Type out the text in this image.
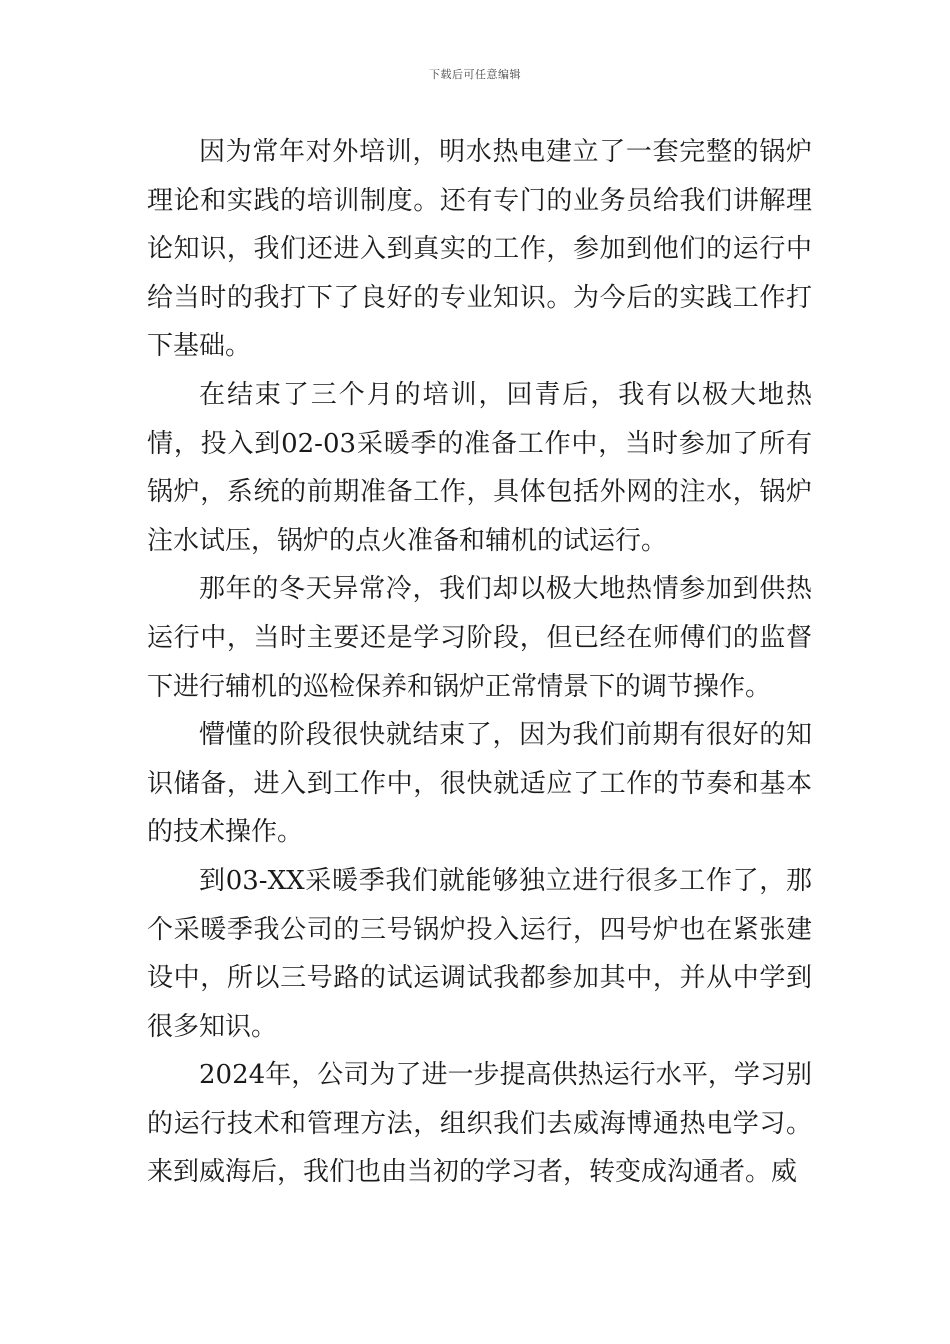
下载后可任意编辑

因为常年对外培训，明水热电建立了一套完整的锅炉理论和实践的培训制度。还有专门的业务员给我们讲解理论知识，我们还进入到真实的工作，参加到他们的运行中给当时的我打下了良好的专业知识。为今后的实践工作打下基础。

在结束了三个月的培训，回青后，我有以极大地热情，投入到02-03采暖季的准备工作中，当时参加了所有锅炉，系统的前期准备工作，具体包括外网的注水，锅炉注水试压，锅炉的点火准备和辅机的试运行。

那年的冬天异常冷，我们却以极大地热情参加到供热运行中，当时主要还是学习阶段，但已经在师傅们的监督下进行辅机的巡检保养和锅炉正常情景下的调节操作。

懵懂的阶段很快就结束了，因为我们前期有很好的知识储备，进入到工作中，很快就适应了工作的节奏和基本的技术操作。

到03-XX采暖季我们就能够独立进行很多工作了，那个采暖季我公司的三号锅炉投入运行，四号炉也在紧张建设中，所以三号路的试运调试我都参加其中，并从中学到很多知识。

2024年，公司为了进一步提高供热运行水平，学习别的运行技术和管理方法，组织我们去威海博通热电学习。来到威海后，我们也由当初的学习者，转变成沟通者。威
